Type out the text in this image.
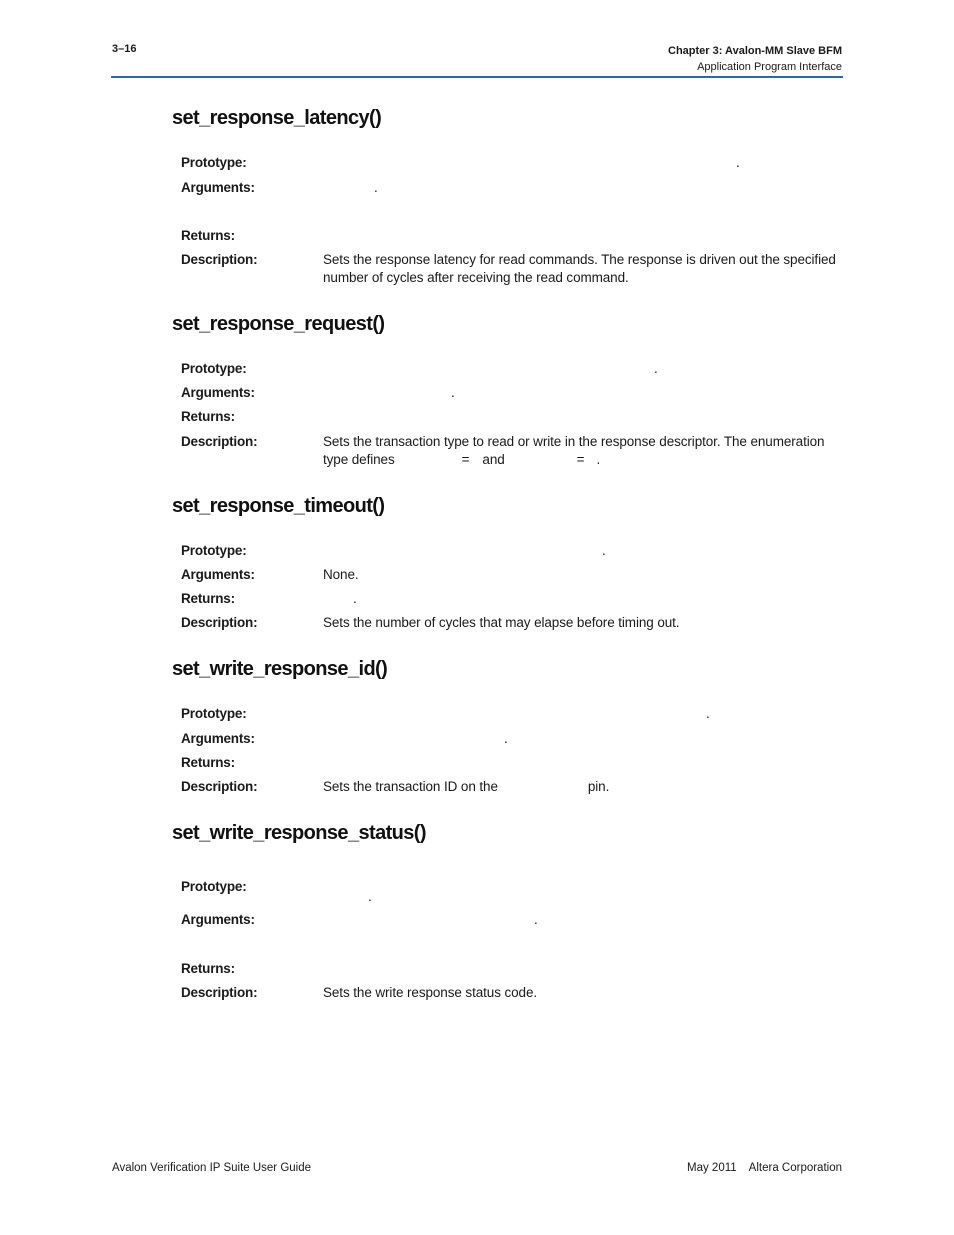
3–16	Chapter 3: Avalon-MM Slave BFM
Application Program Interface
set_response_latency()
Prototype:	.
Arguments:	.
Returns:
Description:	Sets the response latency for read commands. The response is driven out the specified number of cycles after receiving the read command.
set_response_request()
Prototype:	.
Arguments:	.
Returns:
Description:	Sets the transaction type to read or write in the response descriptor. The enumeration
type defines	= and	= .
set_response_timeout()
Prototype:	.
Arguments:	None.
Returns:	.
Description:	Sets the number of cycles that may elapse before timing out.
set_write_response_id()
Prototype:	.
Arguments:	.
Returns:
Description:	Sets the transaction ID on the	pin.
set_write_response_status()
Prototype:
.
Arguments:	.
Returns:
Description:	Sets the write response status code.
Avalon Verification IP Suite User Guide	May 2011 Altera Corporation
